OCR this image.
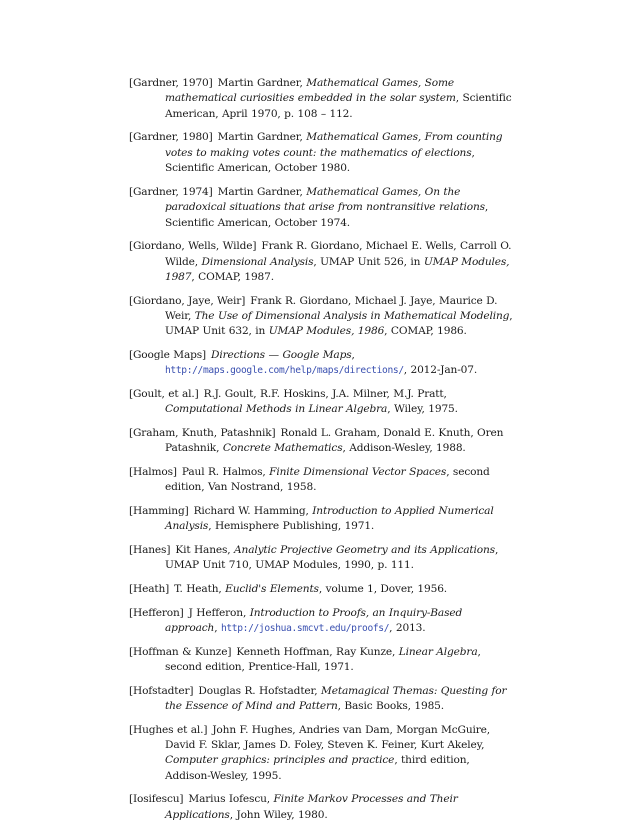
[Gardner, 1970] Martin Gardner, Mathematical Games, Some mathematical curiosities embedded in the solar system, Scientific American, April 1970, p. 108 – 112.
[Gardner, 1980] Martin Gardner, Mathematical Games, From counting votes to making votes count: the mathematics of elections, Scientific American, October 1980.
[Gardner, 1974] Martin Gardner, Mathematical Games, On the paradoxical situations that arise from nontransitive relations, Scientific American, October 1974.
[Giordano, Wells, Wilde] Frank R. Giordano, Michael E. Wells, Carroll O. Wilde, Dimensional Analysis, UMAP Unit 526, in UMAP Modules, 1987, COMAP, 1987.
[Giordano, Jaye, Weir] Frank R. Giordano, Michael J. Jaye, Maurice D. Weir, The Use of Dimensional Analysis in Mathematical Modeling, UMAP Unit 632, in UMAP Modules, 1986, COMAP, 1986.
[Google Maps] Directions — Google Maps, http://maps.google.com/help/maps/directions/, 2012-Jan-07.
[Goult, et al.] R.J. Goult, R.F. Hoskins, J.A. Milner, M.J. Pratt, Computational Methods in Linear Algebra, Wiley, 1975.
[Graham, Knuth, Patashnik] Ronald L. Graham, Donald E. Knuth, Oren Patashnik, Concrete Mathematics, Addison-Wesley, 1988.
[Halmos] Paul R. Halmos, Finite Dimensional Vector Spaces, second edition, Van Nostrand, 1958.
[Hamming] Richard W. Hamming, Introduction to Applied Numerical Analysis, Hemisphere Publishing, 1971.
[Hanes] Kit Hanes, Analytic Projective Geometry and its Applications, UMAP Unit 710, UMAP Modules, 1990, p. 111.
[Heath] T. Heath, Euclid's Elements, volume 1, Dover, 1956.
[Hefferon] J Hefferon, Introduction to Proofs, an Inquiry-Based approach, http://joshua.smcvt.edu/proofs/, 2013.
[Hoffman & Kunze] Kenneth Hoffman, Ray Kunze, Linear Algebra, second edition, Prentice-Hall, 1971.
[Hofstadter] Douglas R. Hofstadter, Metamagical Themas: Questing for the Essence of Mind and Pattern, Basic Books, 1985.
[Hughes et al.] John F. Hughes, Andries van Dam, Morgan McGuire, David F. Sklar, James D. Foley, Steven K. Feiner, Kurt Akeley, Computer graphics: principles and practice, third edition, Addison-Wesley, 1995.
[Iosifescu] Marius Iofescu, Finite Markov Processes and Their Applications, John Wiley, 1980.
